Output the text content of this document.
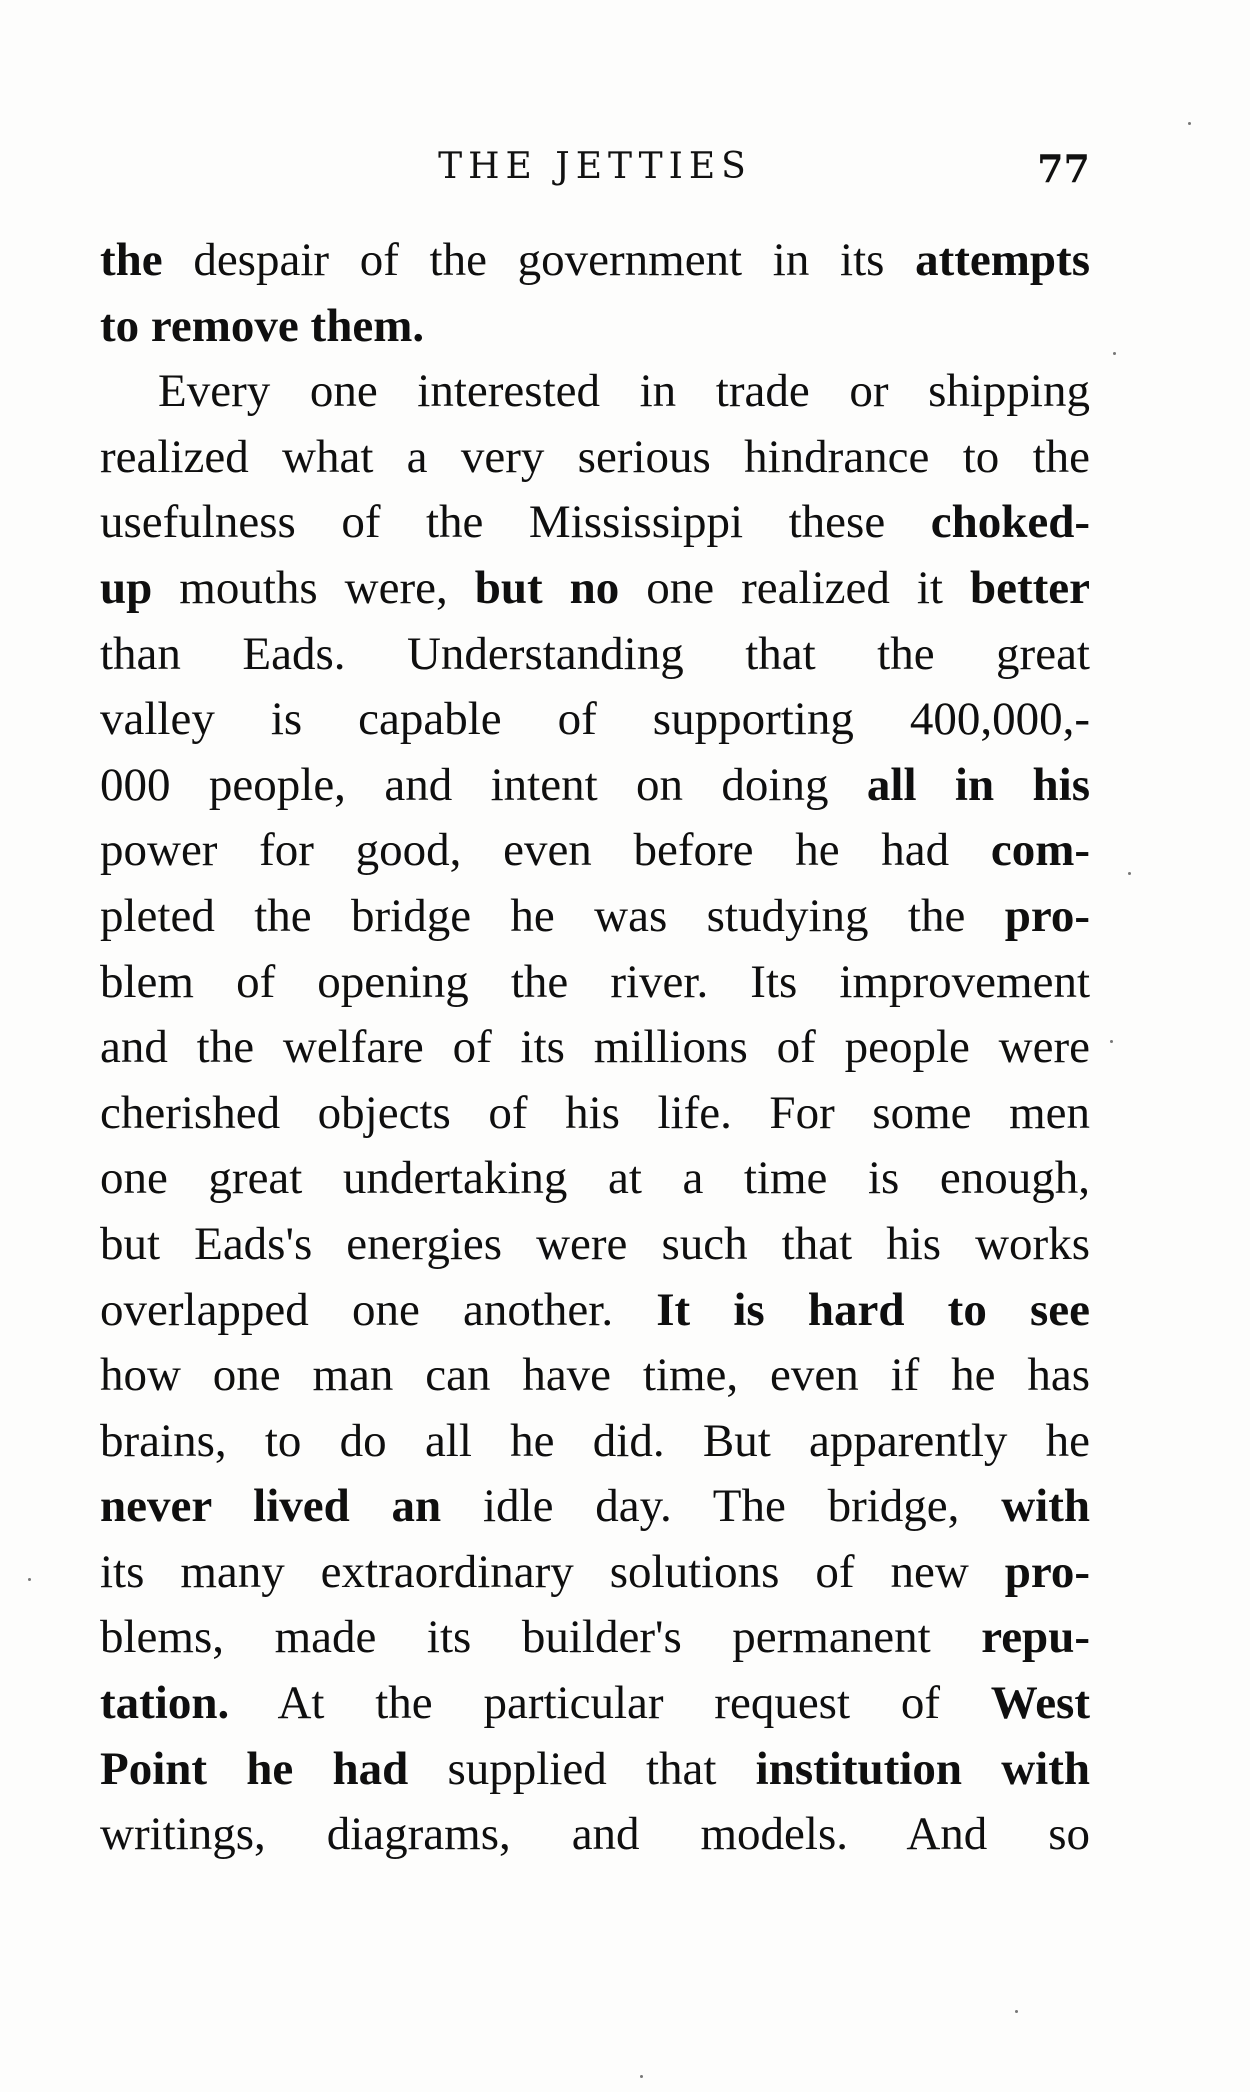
THE JETTIES	77
the despair of the government in its attempts
to remove them.
Every one interested in trade or shipping
realized what a very serious hindrance to the
usefulness of the Mississippi these choked-
up mouths were, but no one realized it better
than Eads. Understanding that the great
valley is capable of supporting 400,000,-
000 people, and intent on doing all in his
power for good, even before he had com-
pleted the bridge he was studying the pro-
blem of opening the river. Its improvement
and the welfare of its millions of people were
cherished objects of his life. For some men
one great undertaking at a time is enough,
but Eads's energies were such that his works
overlapped one another. It is hard to see
how one man can have time, even if he has
brains, to do all he did. But apparently he
never lived an idle day. The bridge, with
its many extraordinary solutions of new pro-
blems, made its builder's permanent repu-
tation. At the particular request of West
Point he had supplied that institution with
writings, diagrams, and models. And so
